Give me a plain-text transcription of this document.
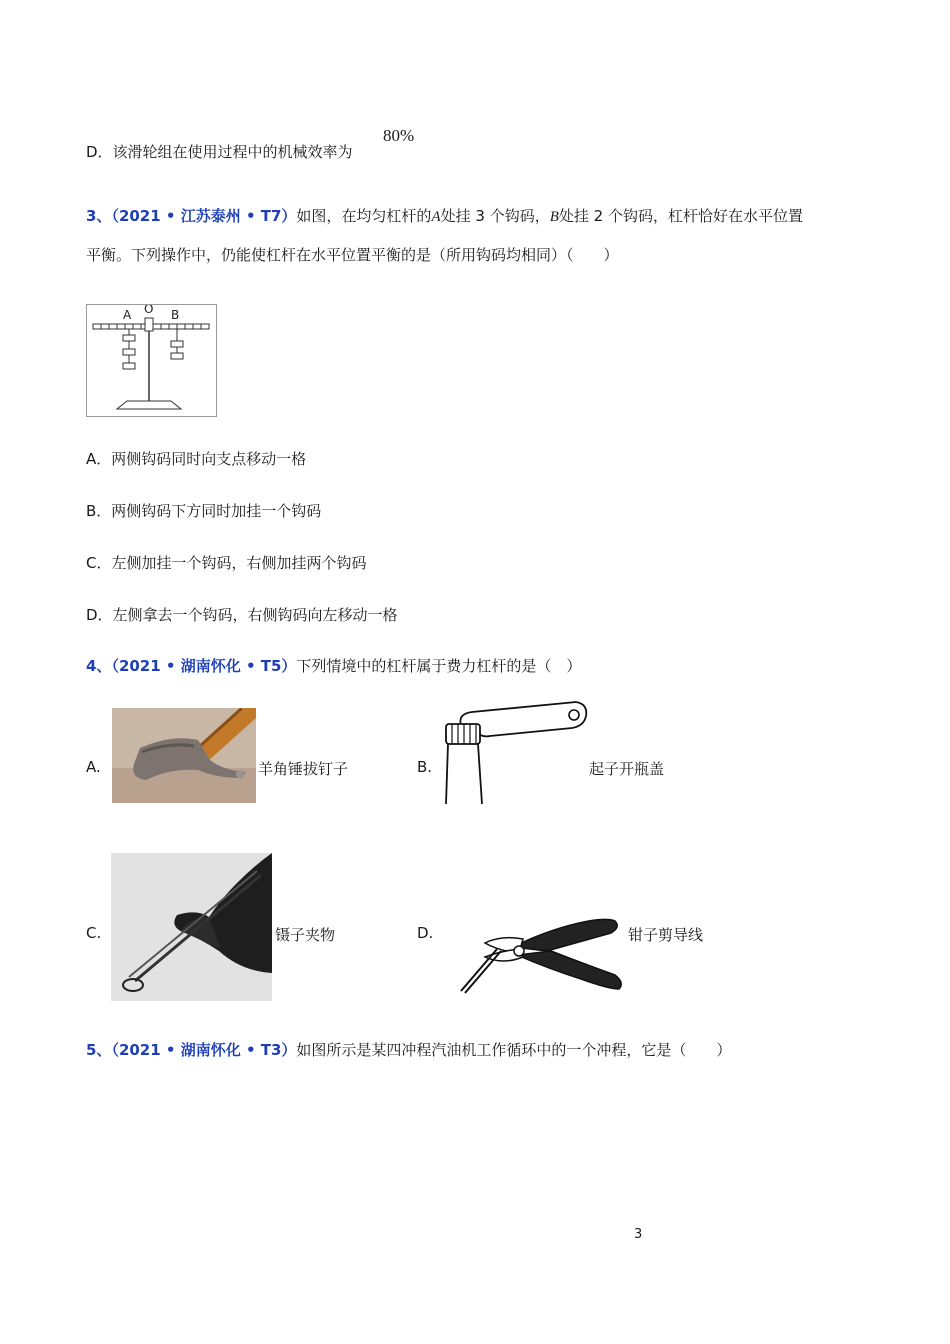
D．该滑轮组在使用过程中的机械效率为
80%
3、（2021 • 江苏泰州 • T7）如图，在均匀杠杆的A处挂 3 个钩码，B处挂 2 个钩码，杠杆恰好在水平位置
平衡。下列操作中，仍能使杠杆在水平位置平衡的是（所用钩码均相同）（　　）
A O B
A．两侧钩码同时向支点移动一格
B．两侧钩码下方同时加挂一个钩码
C．左侧加挂一个钩码，右侧加挂两个钩码
D．左侧拿去一个钩码，右侧钩码向左移动一格
4、（2021 • 湖南怀化 • T5）下列情境中的杠杆属于费力杠杆的是（　）
A.	羊角锤拔钉子	B.	起子开瓶盖
C.	镊子夹物	D.	钳子剪导线
5、（2021 • 湖南怀化 • T3）如图所示是某四冲程汽油机工作循环中的一个冲程，它是（　　）
3
